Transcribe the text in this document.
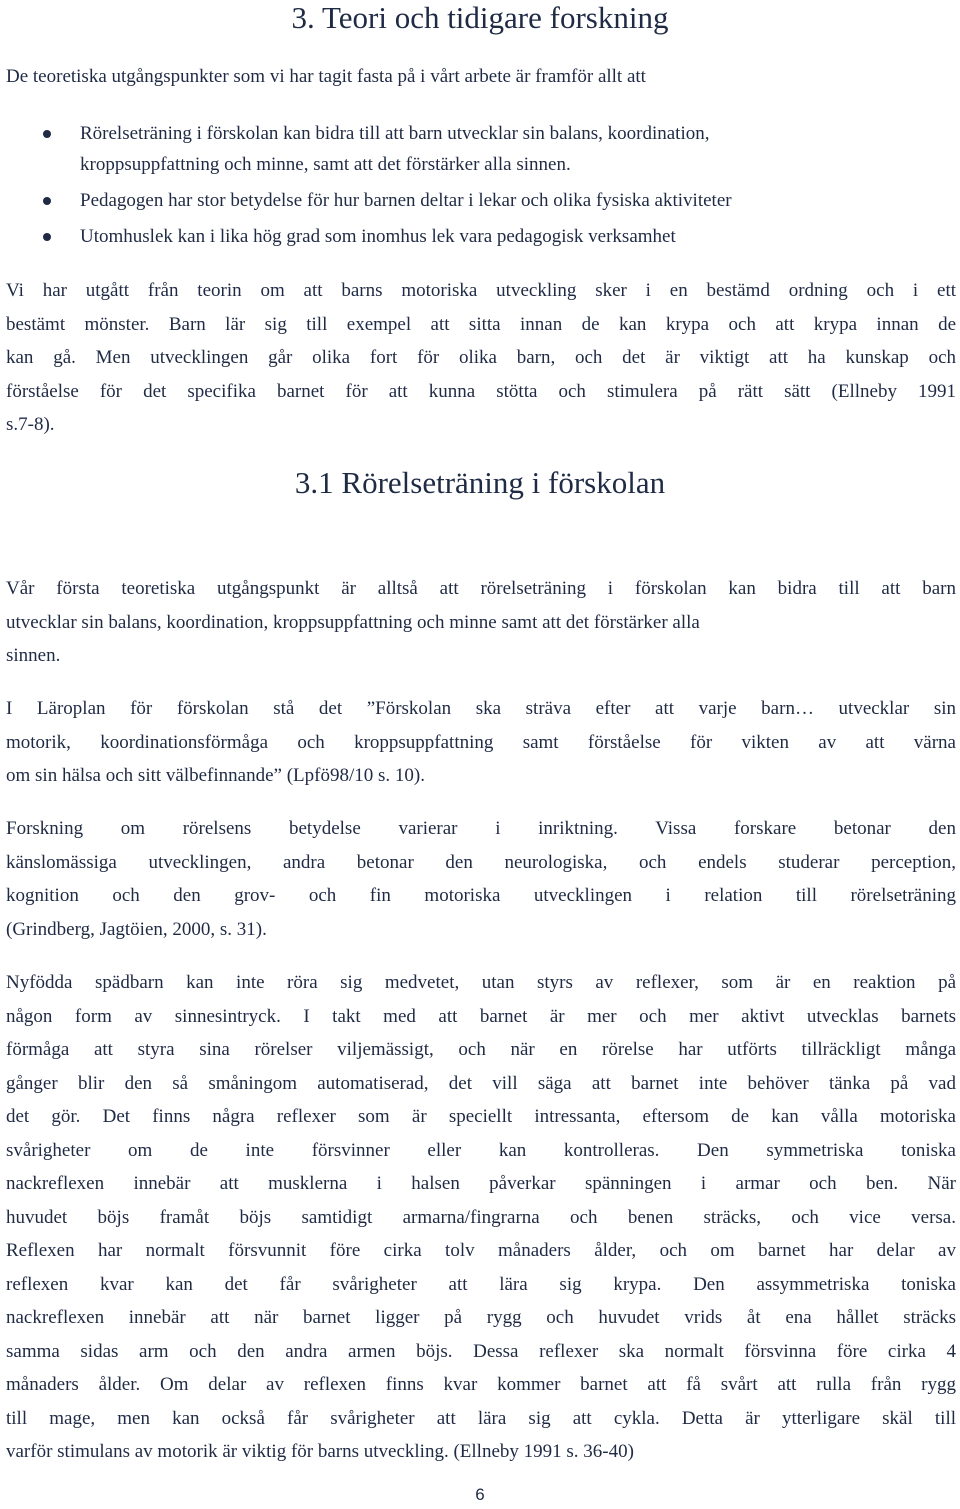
3. Teori och tidigare forskning

De teoretiska utgångspunkter som vi har tagit fasta på i vårt arbete är framför allt att

Rörelseträning i förskolan kan bidra till att barn utvecklar sin balans, koordination,
kroppsuppfattning och minne, samt att det förstärker alla sinnen.
Pedagogen har stor betydelse för hur barnen deltar i lekar och olika fysiska aktiviteter
Utomhuslek kan i lika hög grad som inomhus lek vara pedagogisk verksamhet
Vi har utgått från teorin om att barns motoriska utveckling sker i en bestämd ordning och i ett
bestämt mönster. Barn lär sig till exempel att sitta innan de kan krypa och att krypa innan de
kan gå. Men utvecklingen går olika fort för olika barn, och det är viktigt att ha kunskap och
förståelse för det specifika barnet för att kunna stötta och stimulera på rätt sätt (Ellneby 1991
s.7-8).
3.1 Rörelseträning i förskolan
Vår första teoretiska utgångspunkt är alltså att rörelseträning i förskolan kan bidra till att barn
utvecklar sin balans, koordination, kroppsuppfattning och minne samt att det förstärker alla
sinnen.
I Läroplan för förskolan stå det ”Förskolan ska sträva efter att varje barn… utvecklar sin
motorik, koordinationsförmåga och kroppsuppfattning samt förståelse för vikten av att värna
om sin hälsa och sitt välbefinnande” (Lpfö98/10 s. 10).
Forskning om rörelsens betydelse varierar i inriktning. Vissa forskare betonar den
känslomässiga utvecklingen, andra betonar den neurologiska, och endels studerar perception,
kognition och den grov- och fin motoriska utvecklingen i relation till rörelseträning
(Grindberg, Jagtöien, 2000, s. 31).
Nyfödda spädbarn kan inte röra sig medvetet, utan styrs av reflexer, som är en reaktion på
någon form av sinnesintryck. I takt med att barnet är mer och mer aktivt utvecklas barnets
förmåga att styra sina rörelser viljemässigt, och när en rörelse har utförts tillräckligt många
gånger blir den så småningom automatiserad, det vill säga att barnet inte behöver tänka på vad
det gör. Det finns några reflexer som är speciellt intressanta, eftersom de kan vålla motoriska
svårigheter om de inte försvinner eller kan kontrolleras. Den symmetriska toniska
nackreflexen innebär att musklerna i halsen påverkar spänningen i armar och ben. När
huvudet böjs framåt böjs samtidigt armarna/fingrarna och benen sträcks, och vice versa.
Reflexen har normalt försvunnit före cirka tolv månaders ålder, och om barnet har delar av
reflexen kvar kan det får svårigheter att lära sig krypa. Den assymmetriska toniska
nackreflexen innebär att när barnet ligger på rygg och huvudet vrids åt ena hållet sträcks
samma sidas arm och den andra armen böjs. Dessa reflexer ska normalt försvinna före cirka 4
månaders ålder. Om delar av reflexen finns kvar kommer barnet att få svårt att rulla från rygg
till mage, men kan också får svårigheter att lära sig att cykla. Detta är ytterligare skäl till
varför stimulans av motorik är viktig för barns utveckling. (Ellneby 1991 s. 36-40)
6
